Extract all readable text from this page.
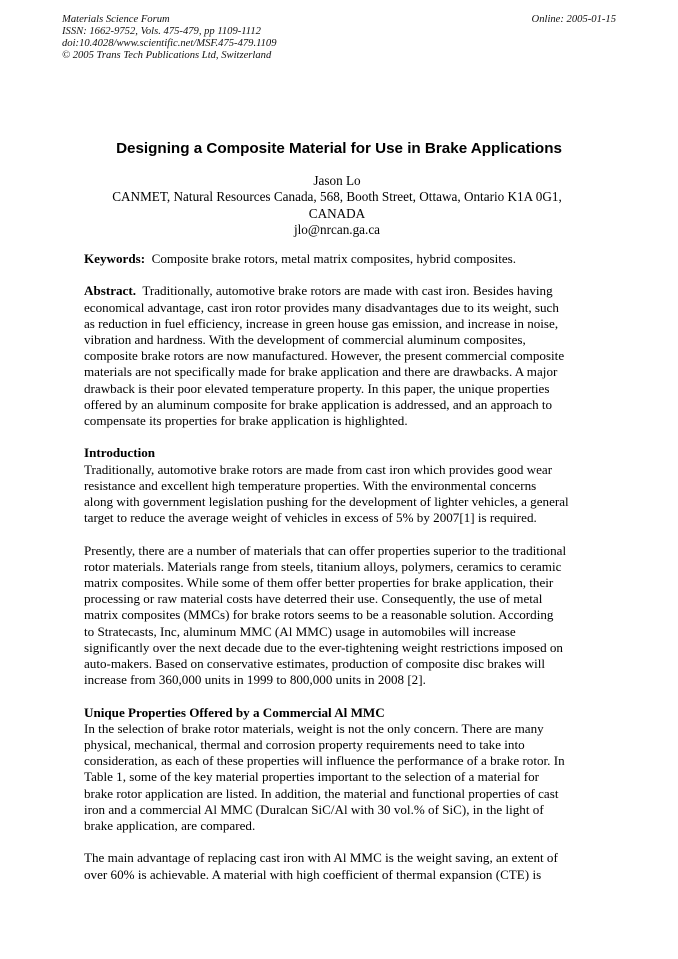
Materials Science Forum
ISSN: 1662-9752, Vols. 475-479, pp 1109-1112
doi:10.4028/www.scientific.net/MSF.475-479.1109
© 2005 Trans Tech Publications Ltd, Switzerland
Online: 2005-01-15
Designing a Composite Material for Use in Brake Applications
Jason Lo
CANMET, Natural Resources Canada, 568, Booth Street, Ottawa, Ontario K1A 0G1,
CANADA
jlo@nrcan.ga.ca

Keywords: Composite brake rotors, metal matrix composites, hybrid composites.

Abstract. Traditionally, automotive brake rotors are made with cast iron. Besides having
economical advantage, cast iron rotor provides many disadvantages due to its weight, such
as reduction in fuel efficiency, increase in green house gas emission, and increase in noise,
vibration and hardness. With the development of commercial aluminum composites,
composite brake rotors are now manufactured. However, the present commercial composite
materials are not specifically made for brake application and there are drawbacks. A major
drawback is their poor elevated temperature property. In this paper, the unique properties
offered by an aluminum composite for brake application is addressed, and an approach to
compensate its properties for brake application is highlighted.

Introduction
Traditionally, automotive brake rotors are made from cast iron which provides good wear
resistance and excellent high temperature properties. With the environmental concerns
along with government legislation pushing for the development of lighter vehicles, a general
target to reduce the average weight of vehicles in excess of 5% by 2007[1] is required.

Presently, there are a number of materials that can offer properties superior to the traditional
rotor materials. Materials range from steels, titanium alloys, polymers, ceramics to ceramic
matrix composites. While some of them offer better properties for brake application, their
processing or raw material costs have deterred their use. Consequently, the use of metal
matrix composites (MMCs) for brake rotors seems to be a reasonable solution. According
to Stratecasts, Inc, aluminum MMC (Al MMC) usage in automobiles will increase
significantly over the next decade due to the ever-tightening weight restrictions imposed on
auto-makers. Based on conservative estimates, production of composite disc brakes will
increase from 360,000 units in 1999 to 800,000 units in 2008 [2].

Unique Properties Offered by a Commercial Al MMC
In the selection of brake rotor materials, weight is not the only concern. There are many
physical, mechanical, thermal and corrosion property requirements need to take into
consideration, as each of these properties will influence the performance of a brake rotor. In
Table 1, some of the key material properties important to the selection of a material for
brake rotor application are listed. In addition, the material and functional properties of cast
iron and a commercial Al MMC (Duralcan SiC/Al with 30 vol.% of SiC), in the light of
brake application, are compared.

The main advantage of replacing cast iron with Al MMC is the weight saving, an extent of
over 60% is achievable. A material with high coefficient of thermal expansion (CTE) is
